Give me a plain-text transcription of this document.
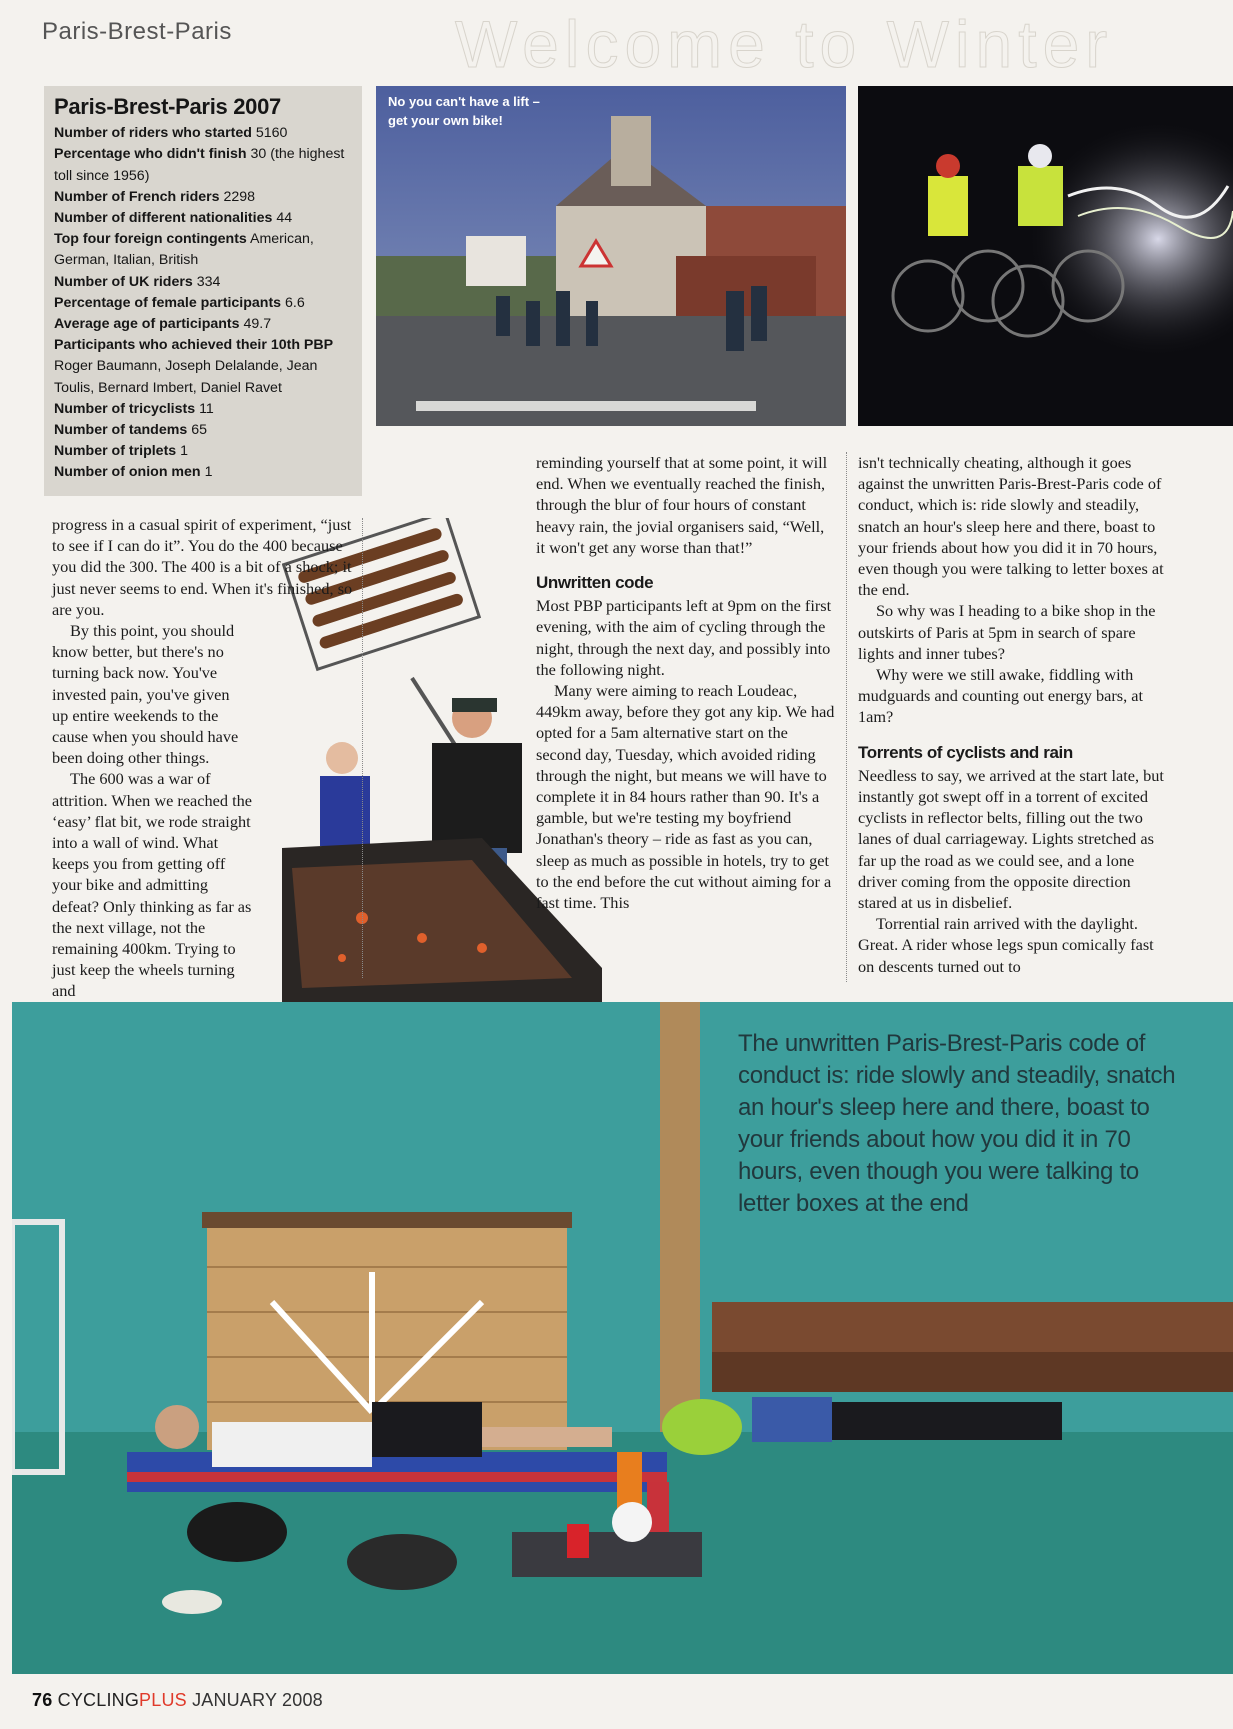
Welcome to Winter
Paris-Brest-Paris
Paris-Brest-Paris 2007
Number of riders who started 5160
Percentage who didn't finish 30 (the highest toll since 1956)
Number of French riders 2298
Number of different nationalities 44
Top four foreign contingents American, German, Italian, British
Number of UK riders 334
Percentage of female participants 6.6
Average age of participants 49.7
Participants who achieved their 10th PBP Roger Baumann, Joseph Delalande, Jean Toulis, Bernard Imbert, Daniel Ravet
Number of tricyclists 11
Number of tandems 65
Number of triplets 1
Number of onion men 1
No you can't have a lift – get your own bike!

progress in a casual spirit of experiment, “just to see if I can do it”. You do the 400 because you did the 300. The 400 is a bit of a shock; it just never seems to end. When it's finished, so are you.

By this point, you should know better, but there's no turning back now. You've invested pain, you've given up entire weekends to the cause when you should have been doing other things.

The 600 was a war of attrition. When we reached the ‘easy’ flat bit, we rode straight into a wall of wind. What keeps you from getting off your bike and admitting defeat? Only thinking as far as the next village, not the remaining 400km. Trying to just keep the wheels turning and

reminding yourself that at some point, it will end. When we eventually reached the finish, through the blur of four hours of constant heavy rain, the jovial organisers said, “Well, it won't get any worse than that!”

Unwritten code

Most PBP participants left at 9pm on the first evening, with the aim of cycling through the night, through the next day, and possibly into the following night.

Many were aiming to reach Loudeac, 449km away, before they got any kip. We had opted for a 5am alternative start on the second day, Tuesday, which avoided riding through the night, but means we will have to complete it in 84 hours rather than 90. It's a gamble, but we're testing my boyfriend Jonathan's theory – ride as fast as you can, sleep as much as possible in hotels, try to get to the end before the cut without aiming for a fast time. This

isn't technically cheating, although it goes against the unwritten Paris-Brest-Paris code of conduct, which is: ride slowly and steadily, snatch an hour's sleep here and there, boast to your friends about how you did it in 70 hours, even though you were talking to letter boxes at the end.

So why was I heading to a bike shop in the outskirts of Paris at 5pm in search of spare lights and inner tubes?

Why were we still awake, fiddling with mudguards and counting out energy bars, at 1am?

Torrents of cyclists and rain

Needless to say, we arrived at the start late, but instantly got swept off in a torrent of excited cyclists in reflector belts, filling out the two lanes of dual carriageway. Lights stretched as far up the road as we could see, and a lone driver coming from the opposite direction stared at us in disbelief.

Torrential rain arrived with the daylight. Great. A rider whose legs spun comically fast on descents turned out to

The unwritten Paris-Brest-Paris code of conduct is: ride slowly and steadily, snatch an hour's sleep here and there, boast to your friends about how you did it in 70 hours, even though you were talking to letter boxes at the end
76 CYCLINGPLUS JANUARY 2008
